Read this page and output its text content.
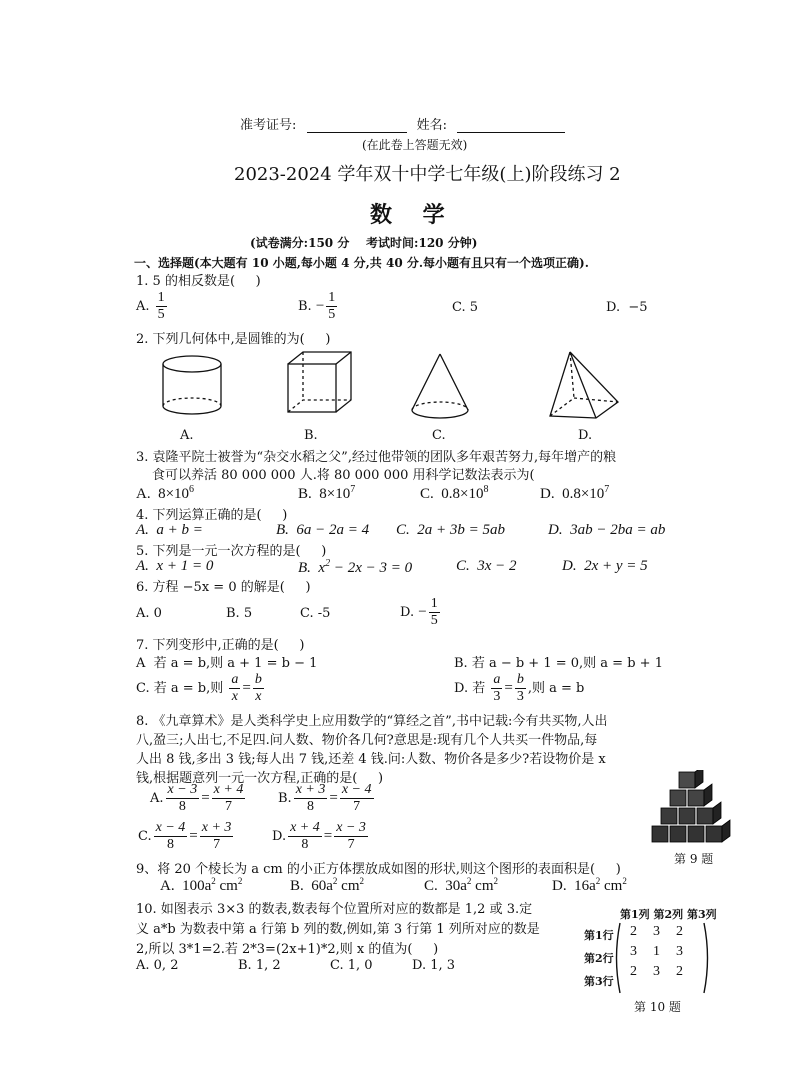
准考证号:	姓名:
(在此卷上答题无效)
2023-2024 学年双十中学七年级(上)阶段练习 2
数    学
(试卷满分:150 分    考试时间:120 分钟)
一、选择题(本大题有 10 小题,每小题 4 分,共 40 分.每小题有且只有一个选项正确).
1. 5 的相反数是(     )
A. $\frac{1}{5}$	B. − $\frac{1}{5}$	C. 5	D.  −5
2. 下列几何体中,是圆锥的为(     )
A.	B.	C.	D.
3. 袁隆平院士被誉为“杂交水稻之父”,经过他带领的团队多年艰苦努力,每年增产的粮
食可以养活 80 000 000 人.将 80 000 000 用科学记数法表示为(
A.  $8\times 10^6$	B.  $8\times 10^7$	C.  $0.8\times 10^8$	D.  $0.8\times 10^7$
4. 下列运算正确的是(     )
A.  a + b =	B.  6a − 2a = 4 C.  2a + 3b = 5ab	D.  3ab − 2ba = ab
5. 下列是一元一次方程的是(     )
A.  x + 1 = 0	B.  $x^2 - 2x - 3 = 0$	C.  3x − 2	D.  2x + y = 5
6. 方程 −5x = 0 的解是(     )
A. 0	B. 5	C. -5	D. − $\frac{1}{5}$
7. 下列变形中,正确的是(     )
A  若 a = b,则 a + 1 = b − 1	B. 若 a − b + 1 = 0,则 a = b + 1
C. 若 a = b,则 $\frac{a}{x} = \frac{b}{x}$	D. 若 $\frac{a}{3} = \frac{b}{3}$ ,则 a = b
8. 《九章算术》是人类科学史上应用数学的“算经之首”,书中记载:今有共买物,人出
八,盈三;人出七,不足四.问人数、物价各几何?意思是:现有几个人共买一件物品,每
人出 8 钱,多出 3 钱;每人出 7 钱,还差 4 钱.问:人数、物价各是多少?若设物价是 x
钱,根据题意列一元一次方程,正确的是(     )
A. $\frac{x - 3}{8} = \frac{x + 4}{7}$	B. $\frac{x + 3}{8} = \frac{x - 4}{7}$
C. $\frac{x - 4}{8} = \frac{x + 3}{7}$	D. $\frac{x + 4}{8} = \frac{x - 3}{7}$
第 9 题
9、将 20 个棱长为 a cm 的小正方体摆放成如图的形状,则这个图形的表面积是(     )
A.  $100a^2$ $cm^2$	B.  $60a^2$ $cm^2$	C.  $30a^2$ $cm^2$	D.  $16a^2$ $cm^2$
10. 如图表示 3×3 的数表,数表每个位置所对应的数都是 1,2 或 3.定
义 a*b 为数表中第 a 行第 b 列的数,例如,第 3 行第 1 列所对应的数是
2,所以 3*1=2.若 2*3=(2x+1)*2,则 x 的值为(     )
A. 0, 2	B. 1, 2	C. 1, 0	D. 1, 3
第1列 第2列 第3列
第1行
第2行
第3行
2	3	2
3	1	3
2	3	2
第 10 题
